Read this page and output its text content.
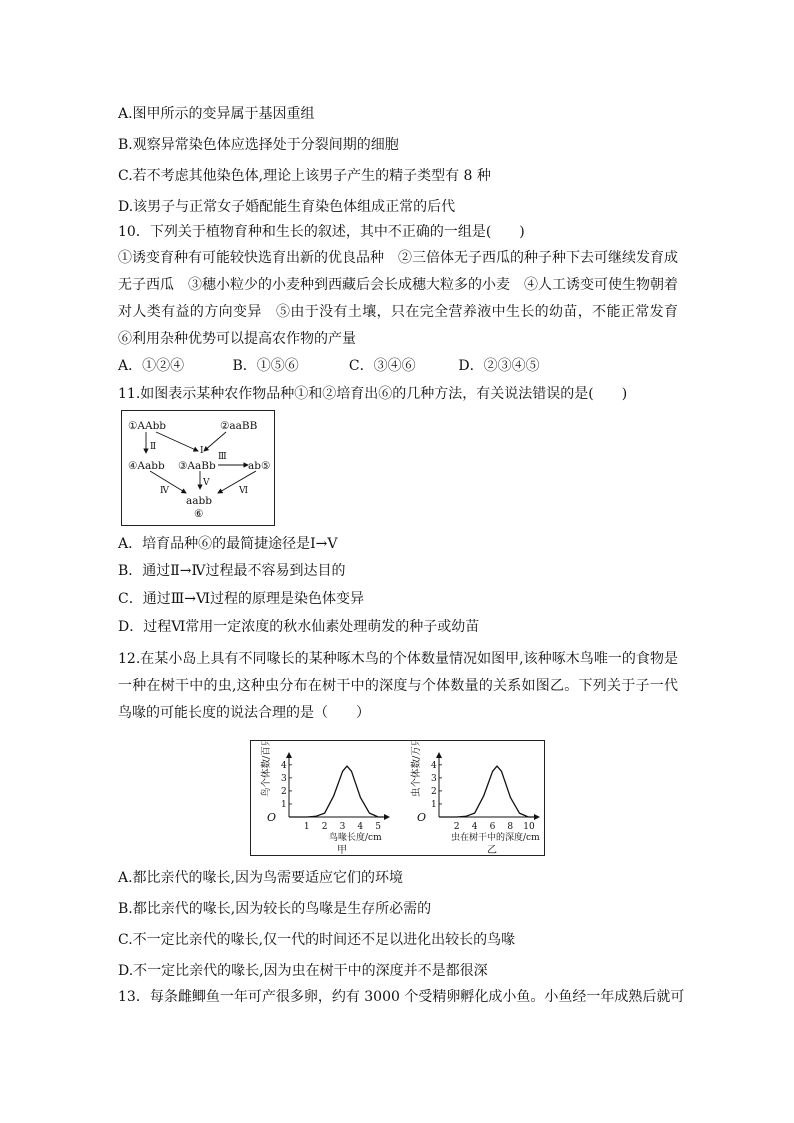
A.图甲所示的变异属于基因重组
B.观察异常染色体应选择处于分裂间期的细胞
C.若不考虑其他染色体,理论上该男子产生的精子类型有 8 种
D.该男子与正常女子婚配能生育染色体组成正常的后代
10．下列关于植物育种和生长的叙述，其中不正确的一组是(　　)
①诱变育种有可能较快选育出新的优良品种　②三倍体无子西瓜的种子种下去可继续发育成无子西瓜　③穗小粒少的小麦种到西藏后会长成穗大粒多的小麦　④人工诱变可使生物朝着对人类有益的方向变异　⑤由于没有土壤，只在完全营养液中生长的幼苗，不能正常发育　⑥利用杂种优势可以提高农作物的产量
A．①②④	B．①⑤⑥	C．③④⑥	D．②③④⑤
11.如图表示某种农作物品种①和②培育出⑥的几种方法，有关说法错误的是(　　)
①AAbb	②aaBB
③AaBb
④Aabb	ab⑤
aabb
⑥
Ⅰ
Ⅱ
Ⅲ
Ⅳ
Ⅴ
Ⅵ
A．培育品种⑥的最简捷途径是Ⅰ→Ⅴ
B．通过Ⅱ→Ⅳ过程最不容易到达目的
C．通过Ⅲ→Ⅵ过程的原理是染色体变异
D．过程Ⅵ常用一定浓度的秋水仙素处理萌发的种子或幼苗
12.在某小岛上具有不同喙长的某种啄木鸟的个体数量情况如图甲,该种啄木鸟唯一的食物是一种在树干中的虫,这种虫分布在树干中的深度与个体数量的关系如图乙。下列关于子一代鸟喙的可能长度的说法合理的是（　　）
O
1 2 3 4 5
1
2
3
4
鸟个体数/百只
鸟喙长度/cm
甲
O
2 4 6 8 10
1
2
3
4
虫个体数/万只
虫在树干中的深度/cm
乙
A.都比亲代的喙长,因为鸟需要适应它们的环境
B.都比亲代的喙长,因为较长的鸟喙是生存所必需的
C.不一定比亲代的喙长,仅一代的时间还不足以进化出较长的鸟喙
D.不一定比亲代的喙长,因为虫在树干中的深度并不是都很深
13．每条雌鲫鱼一年可产很多卵，约有 3000 个受精卵孵化成小鱼。小鱼经一年成熟后就可
